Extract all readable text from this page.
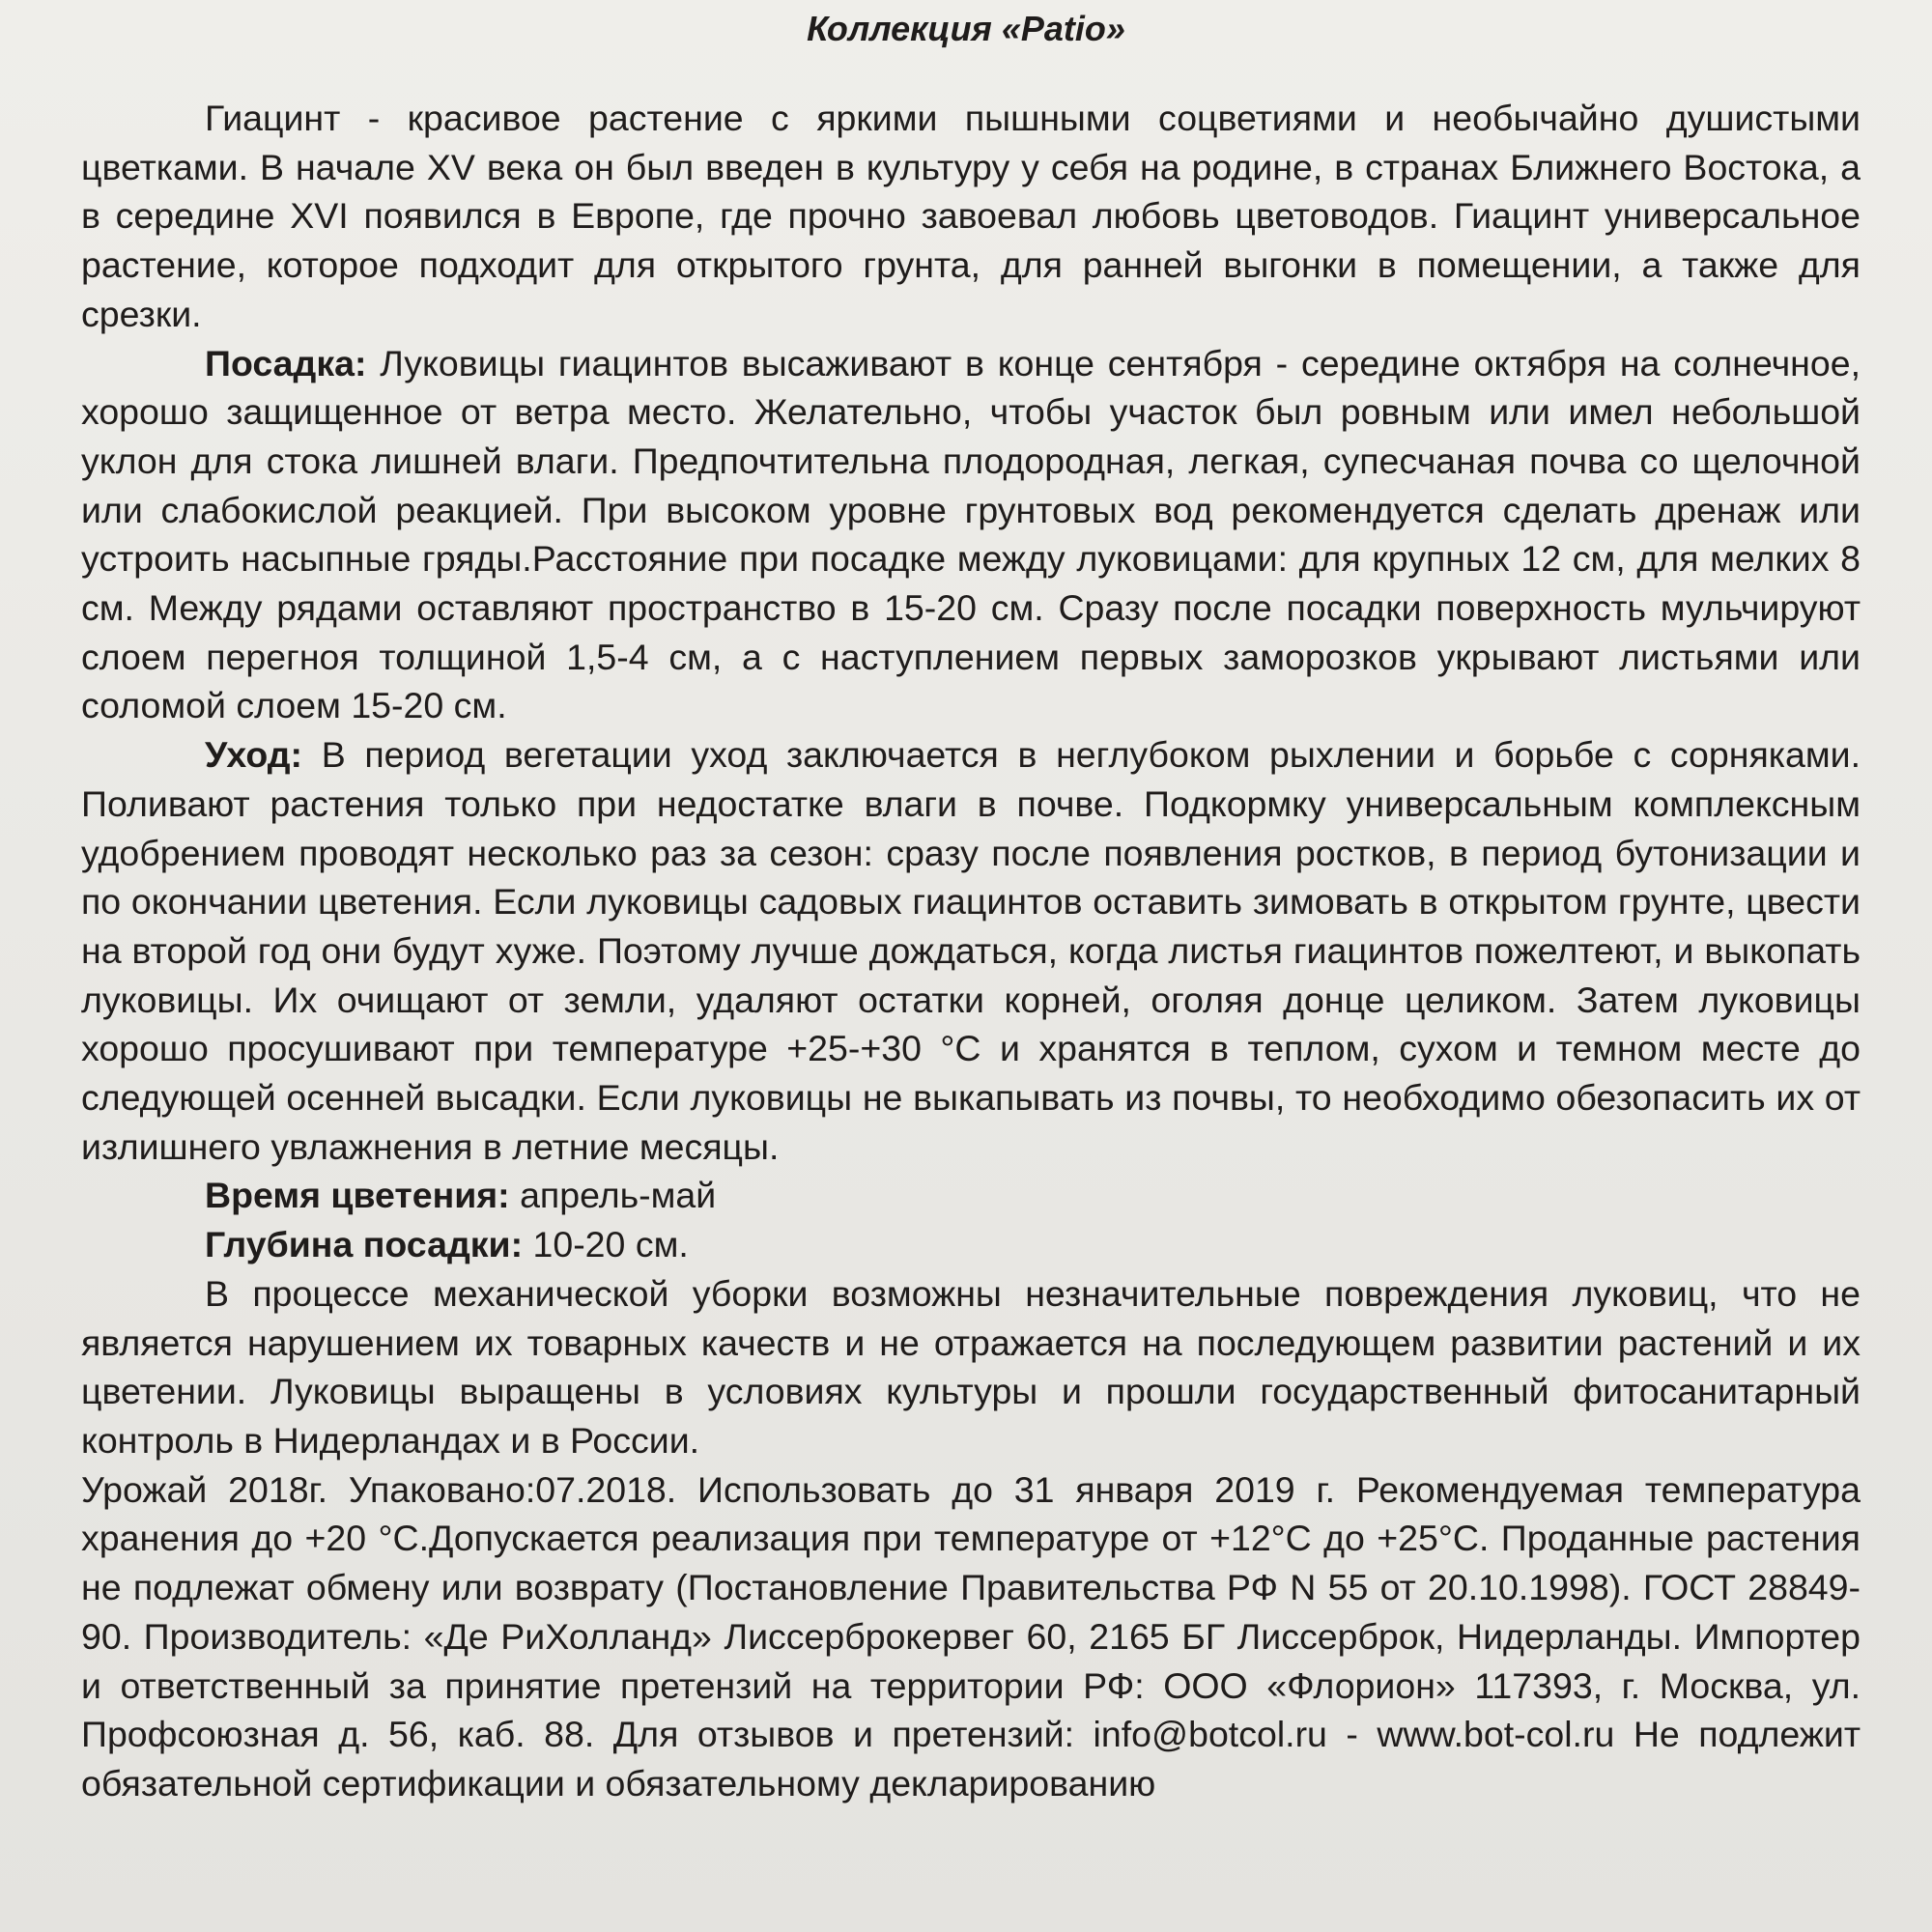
Коллекция «Patio»

Гиацинт - красивое растение с яркими пышными соцветиями и необычайно душистыми цветками. В начале XV века он был введен в культуру у себя на родине, в странах Ближнего Востока, а в середине XVI появился в Европе, где прочно завоевал любовь цветоводов. Гиацинт универсальное растение, которое подходит для открытого грунта, для ранней выгонки в помещении, а также для срезки.

Посадка: Луковицы гиацинтов высаживают в конце сентября - середине октября на солнечное, хорошо защищенное от ветра место. Желательно, чтобы участок был ровным или имел небольшой уклон для стока лишней влаги. Предпочтительна плодородная, легкая, супесчаная почва со щелочной или слабокислой реакцией. При высоком уровне грунтовых вод рекомендуется сделать дренаж или устроить насыпные гряды.Расстояние при посадке между луковицами: для крупных 12 см, для мелких 8 см. Между рядами оставляют пространство в 15-20 см. Сразу после посадки поверхность мульчируют слоем перегноя толщиной 1,5-4 см, а с наступлением первых заморозков укрывают листьями или соломой слоем 15-20 см.

Уход: В период вегетации уход заключается в неглубоком рыхлении и борьбе с сорняками. Поливают растения только при недостатке влаги в почве. Подкормку универсальным комплексным удобрением проводят несколько раз за сезон: сразу после появления ростков, в период бутонизации и по окончании цветения. Если луковицы садовых гиацинтов оставить зимовать в открытом грунте, цвести на второй год они будут хуже. Поэтому лучше дождаться, когда листья гиацинтов пожелтеют, и выкопать луковицы. Их очищают от земли, удаляют остатки корней, оголяя донце целиком. Затем луковицы хорошо просушивают при температуре +25-+30 °C и хранятся в теплом, сухом и темном месте до следующей осенней высадки. Если луковицы не выкапывать из почвы, то необходимо обезопасить их от излишнего увлажнения в летние месяцы.

Время цветения: апрель-май

Глубина посадки: 10-20 см.

В процессе механической уборки возможны незначительные повреждения луковиц, что не является нарушением их товарных качеств и не отражается на последующем развитии растений и их цветении. Луковицы выращены в условиях культуры и прошли государственный фитосанитарный контроль в Нидерландах и в России.

Урожай 2018г. Упаковано:07.2018. Использовать до 31 января 2019 г. Рекомендуемая температура хранения до +20 °C.Допускается реализация при температуре от +12°C до +25°C. Проданные растения не подлежат обмену или возврату (Постановление Правительства РФ N 55 от 20.10.1998). ГОСТ 28849-90. Производитель: «Де РиХолланд» Лиссерброкервег 60, 2165 БГ Лиссерброк, Нидерланды. Импортер и ответственный за принятие претензий на территории РФ: ООО «Флорион» 117393, г. Москва, ул. Профсоюзная д. 56, каб. 88. Для отзывов и претензий: info@botcol.ru - www.bot-col.ru Не подлежит обязательной сертификации и обязательному декларированию
